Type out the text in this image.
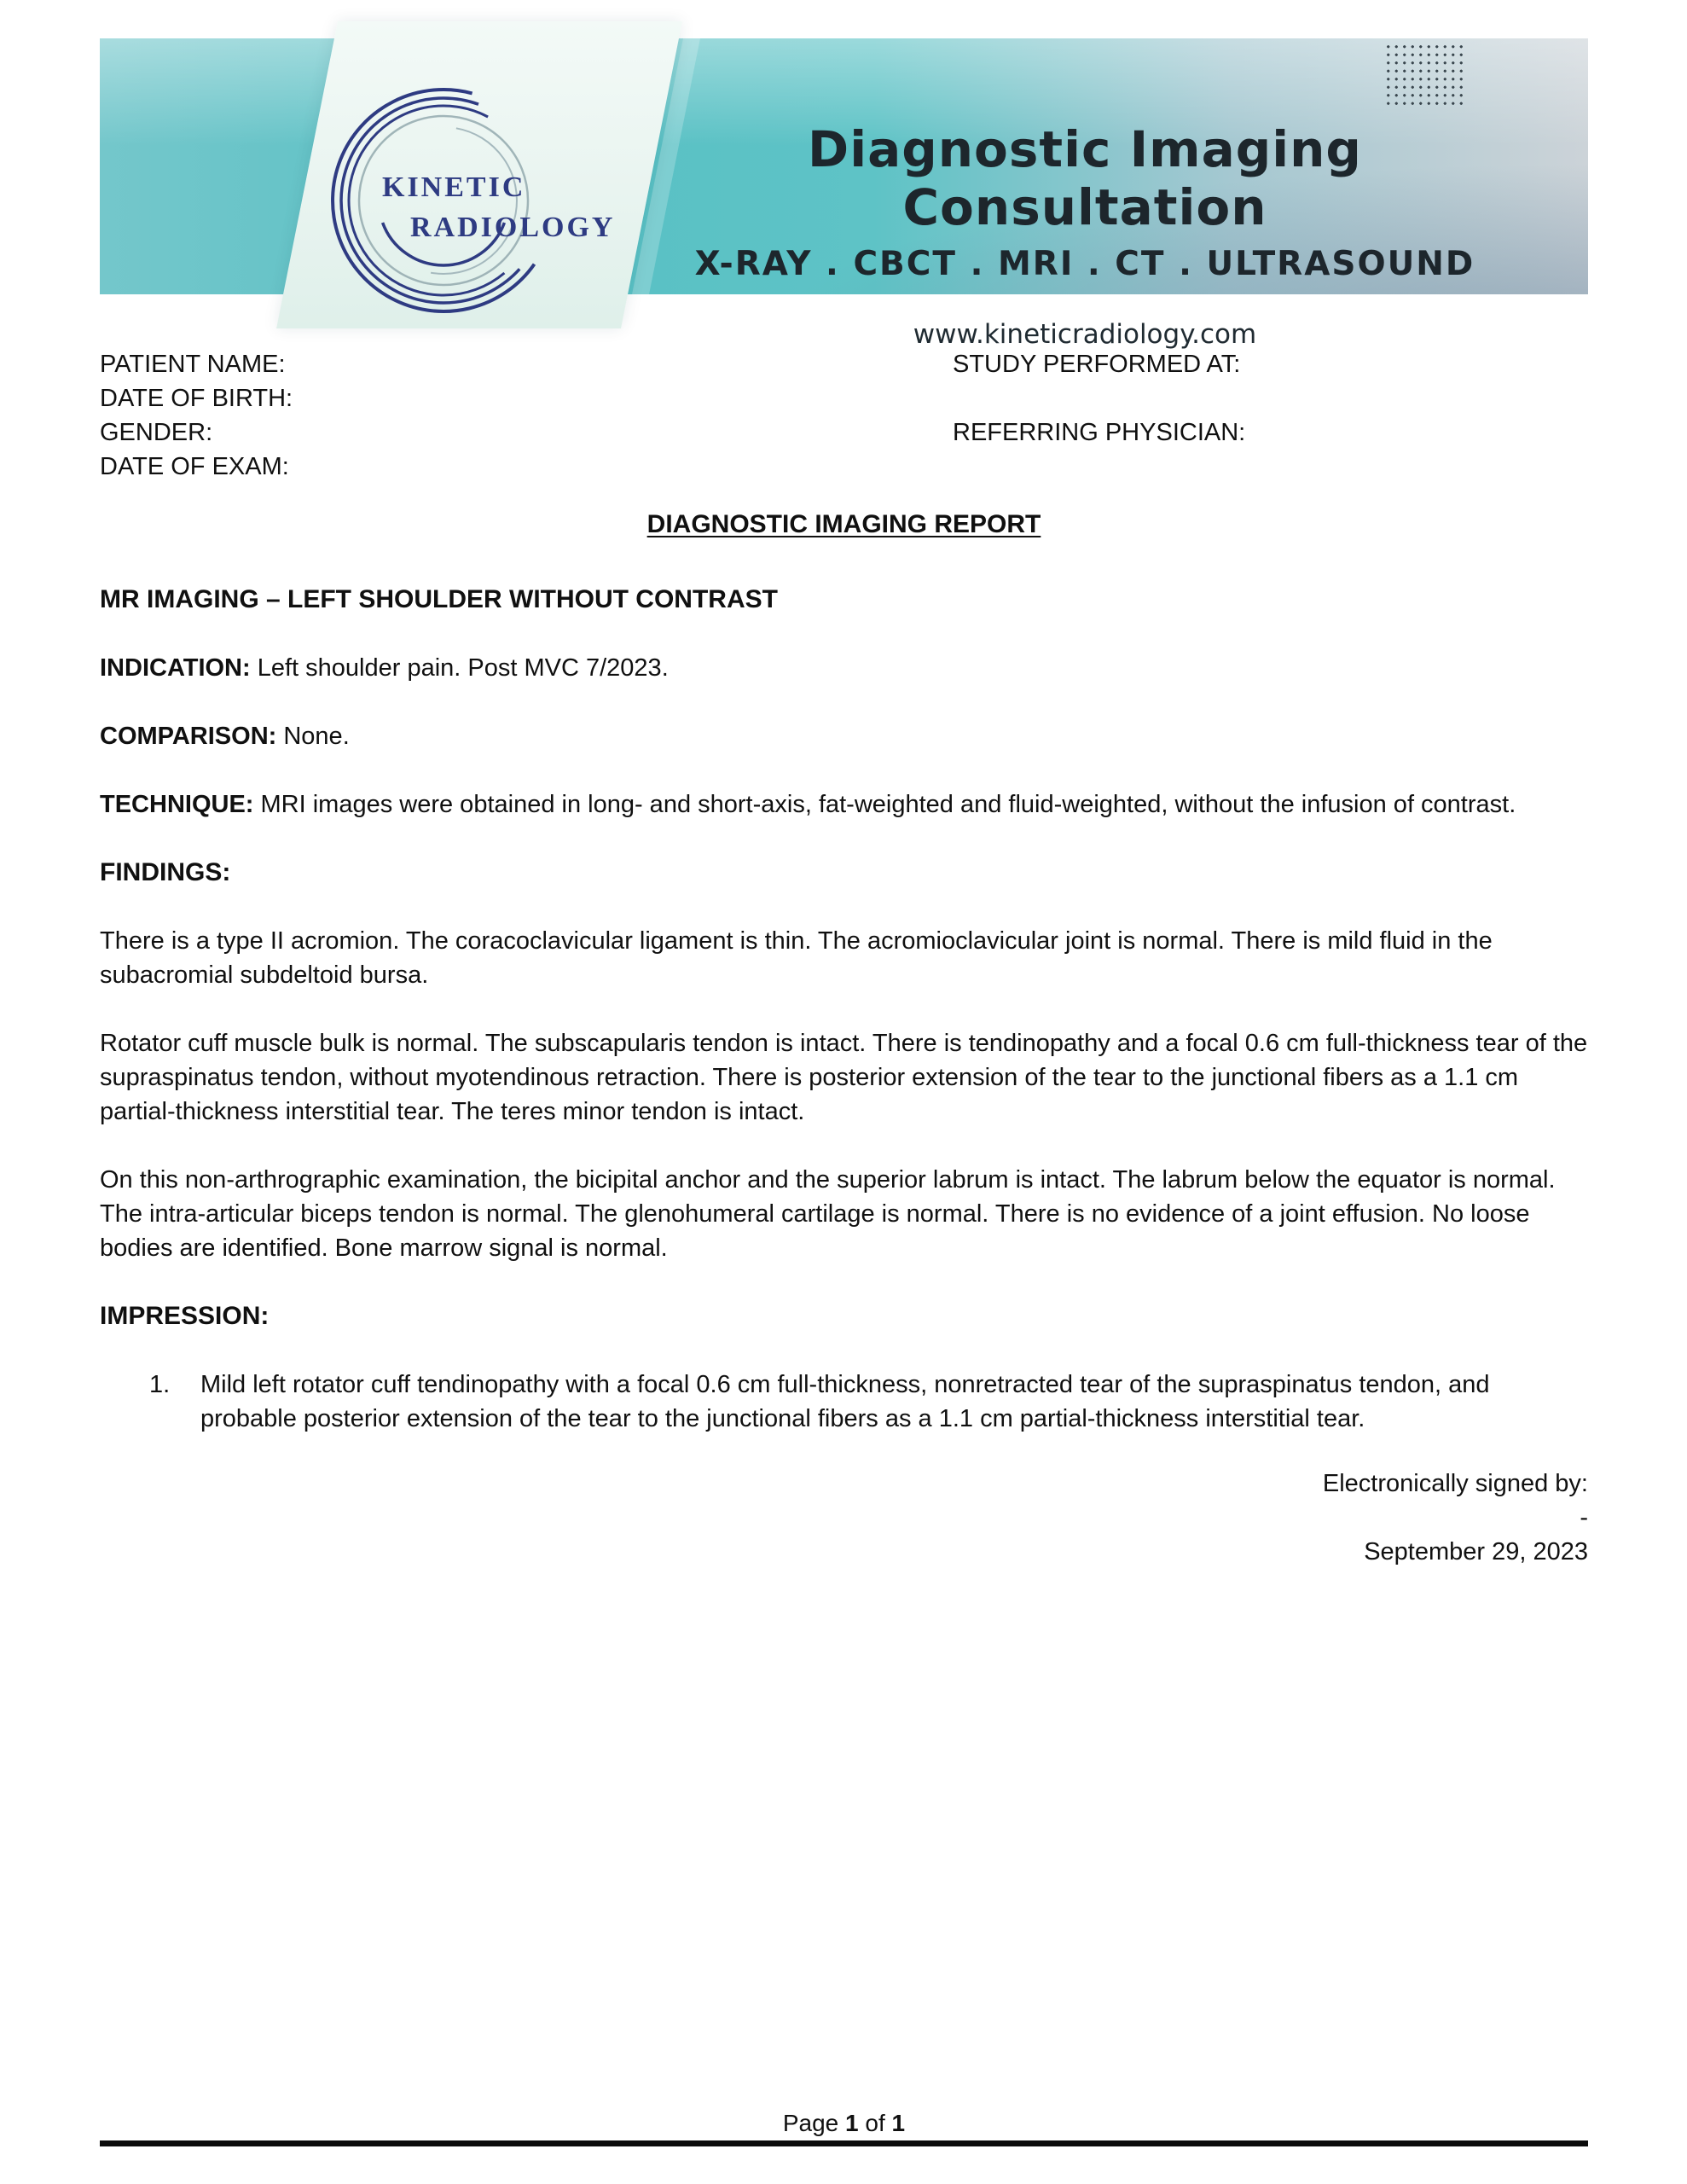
KINETIC
RADIOLOGY
Diagnostic Imaging Consultation
X-RAY . CBCT . MRI . CT . ULTRASOUND
www.kineticradiology.com
PATIENT NAME:
DATE OF BIRTH:
GENDER:
DATE OF EXAM:
STUDY PERFORMED AT:
REFERRING PHYSICIAN:
DIAGNOSTIC IMAGING REPORT
MR IMAGING – LEFT SHOULDER WITHOUT CONTRAST

INDICATION: Left shoulder pain. Post MVC 7/2023.

COMPARISON: None.

TECHNIQUE: MRI images were obtained in long- and short-axis, fat-weighted and fluid-weighted, without the infusion of contrast.

FINDINGS:

There is a type II acromion. The coracoclavicular ligament is thin. The acromioclavicular joint is normal. There is mild fluid in the subacromial subdeltoid bursa.

Rotator cuff muscle bulk is normal. The subscapularis tendon is intact. There is tendinopathy and a focal 0.6 cm full-thickness tear of the supraspinatus tendon, without myotendinous retraction. There is posterior extension of the tear to the junctional fibers as a 1.1 cm partial-thickness interstitial tear. The teres minor tendon is intact.

On this non-arthrographic examination, the bicipital anchor and the superior labrum is intact. The labrum below the equator is normal. The intra-articular biceps tendon is normal. The glenohumeral cartilage is normal. There is no evidence of a joint effusion. No loose bodies are identified. Bone marrow signal is normal.

IMPRESSION:
1.	Mild left rotator cuff tendinopathy with a focal 0.6 cm full-thickness, nonretracted tear of the supraspinatus tendon, and probable posterior extension of the tear to the junctional fibers as a 1.1 cm partial-thickness interstitial tear.
Electronically signed by:
-
September 29, 2023
Page 1 of 1
